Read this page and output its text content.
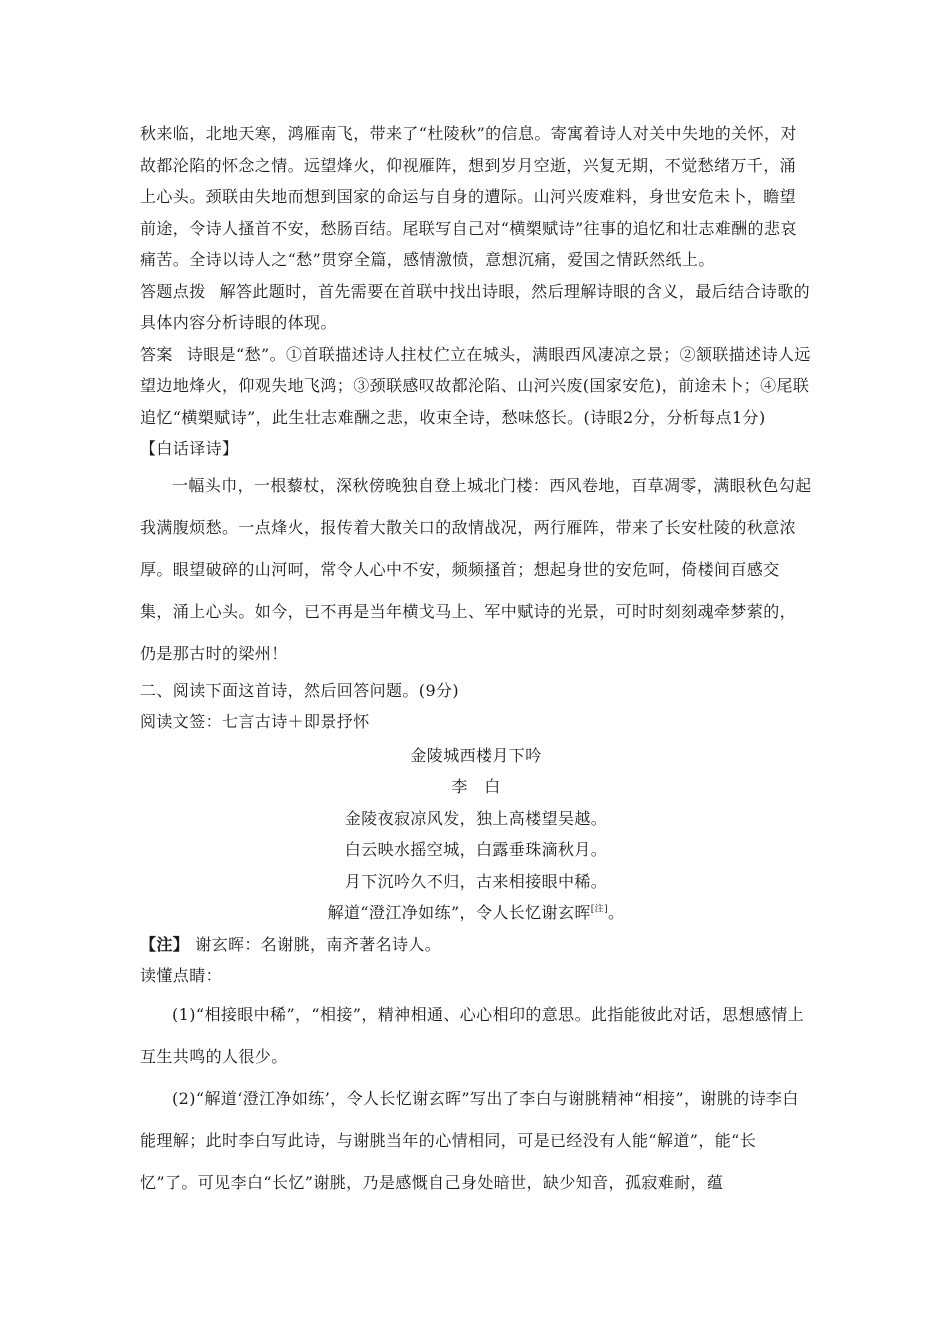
秋来临，北地天寒，鸿雁南飞，带来了“杜陵秋”的信息。寄寓着诗人对关中失地的关怀，对故都沦陷的怀念之情。远望烽火，仰视雁阵，想到岁月空逝，兴复无期，不觉愁绪万千，涌上心头。颈联由失地而想到国家的命运与自身的遭际。山河兴废难料，身世安危未卜，瞻望前途，令诗人搔首不安，愁肠百结。尾联写自己对“横槊赋诗”往事的追忆和壮志难酬的悲哀痛苦。全诗以诗人之“愁”贯穿全篇，感情激愤，意想沉痛，爱国之情跃然纸上。

答题点拨 解答此题时，首先需要在首联中找出诗眼，然后理解诗眼的含义，最后结合诗歌的具体内容分析诗眼的体现。

答案 诗眼是“愁”。①首联描述诗人拄杖伫立在城头，满眼西风凄凉之景；②颔联描述诗人远望边地烽火，仰观失地飞鸿；③颈联感叹故都沦陷、山河兴废(国家安危)，前途未卜；④尾联追忆“横槊赋诗”，此生壮志难酬之悲，收束全诗，愁味悠长。(诗眼2分，分析每点1分)

【白话译诗】

一幅头巾，一根藜杖，深秋傍晚独自登上城北门楼：西风卷地，百草凋零，满眼秋色勾起我满腹烦愁。一点烽火，报传着大散关口的敌情战况，两行雁阵，带来了长安杜陵的秋意浓厚。眼望破碎的山河呵，常令人心中不安，频频搔首；想起身世的安危呵，倚楼间百感交集，涌上心头。如今，已不再是当年横戈马上、军中赋诗的光景，可时时刻刻魂牵梦萦的，仍是那古时的梁州！

二、阅读下面这首诗，然后回答问题。(9分)

阅读文签：七言古诗＋即景抒怀

金陵城西楼月下吟

李　白

金陵夜寂凉风发，独上高楼望吴越。

白云映水摇空城，白露垂珠滴秋月。

月下沉吟久不归，古来相接眼中稀。

解道“澄江净如练”，令人长忆谢玄晖[注]。

【注】 谢玄晖：名谢朓，南齐著名诗人。

读懂点睛：

(1)“相接眼中稀”，“相接”，精神相通、心心相印的意思。此指能彼此对话，思想感情上互生共鸣的人很少。

(2)“解道‘澄江净如练’，令人长忆谢玄晖”写出了李白与谢朓精神“相接”，谢朓的诗李白能理解；此时李白写此诗，与谢朓当年的心情相同，可是已经没有人能“解道”，能“长忆”了。可见李白“长忆”谢朓，乃是感慨自己身处暗世，缺少知音，孤寂难耐，蕴
